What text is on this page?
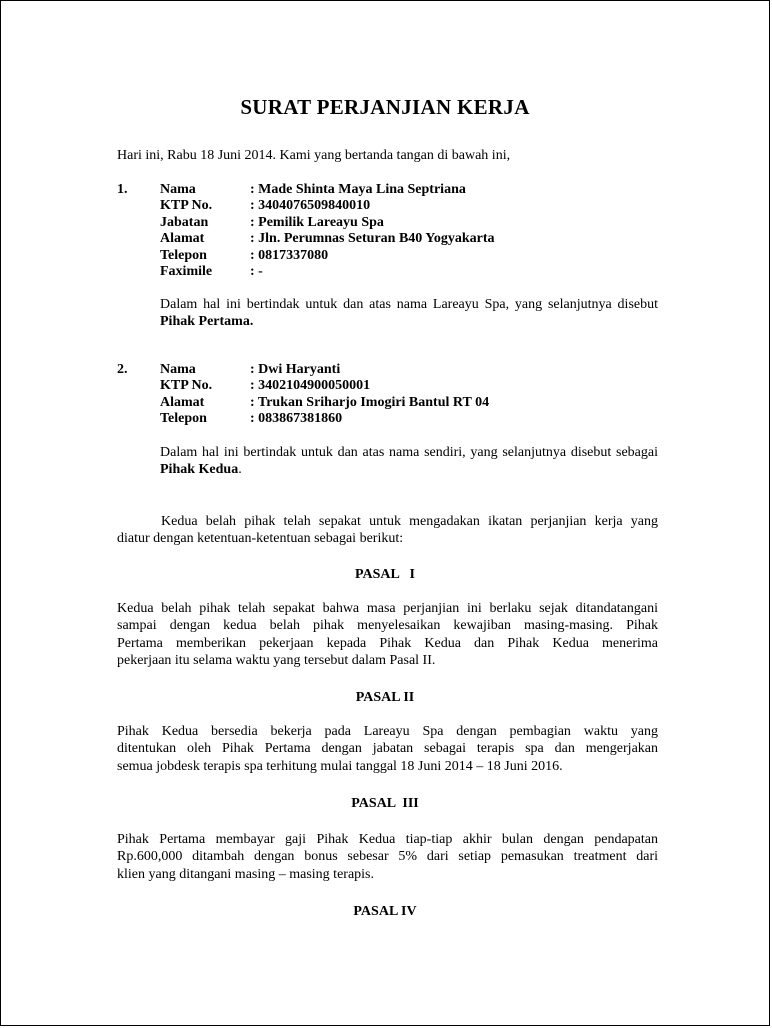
SURAT PERJANJIAN KERJA
Hari ini, Rabu 18 Juni 2014. Kami yang bertanda tangan di bawah ini,
1. Nama	: Made Shinta Maya Lina Septriana
KTP No.	: 3404076509840010
Jabatan	: Pemilik Lareayu Spa
Alamat	: Jln. Perumnas Seturan B40 Yogyakarta
Telepon	: 0817337080
Faximile	: -
Dalam hal ini bertindak untuk dan atas nama Lareayu Spa, yang selanjutnya disebut
Pihak Pertama.
2. Nama	: Dwi Haryanti
KTP No.	: 3402104900050001
Alamat	: Trukan Sriharjo Imogiri Bantul RT 04
Telepon	: 083867381860
Dalam hal ini bertindak untuk dan atas nama sendiri, yang selanjutnya disebut sebagai
Pihak Kedua.
Kedua belah pihak telah sepakat untuk mengadakan ikatan perjanjian kerja yang
diatur dengan ketentuan-ketentuan sebagai berikut:
PASAL   I
Kedua belah pihak telah sepakat bahwa masa perjanjian ini berlaku sejak ditandatangani
sampai dengan kedua belah pihak menyelesaikan kewajiban masing-masing. Pihak
Pertama memberikan pekerjaan kepada Pihak Kedua dan Pihak Kedua menerima
pekerjaan itu selama waktu yang tersebut dalam Pasal II.
PASAL II
Pihak Kedua bersedia bekerja pada Lareayu Spa dengan pembagian waktu yang
ditentukan oleh Pihak Pertama dengan jabatan sebagai terapis spa dan mengerjakan
semua jobdesk terapis spa terhitung mulai tanggal 18 Juni 2014 – 18 Juni 2016.
PASAL  III
Pihak Pertama membayar gaji Pihak Kedua tiap-tiap akhir bulan dengan pendapatan
Rp.600,000 ditambah dengan bonus sebesar 5% dari setiap pemasukan treatment dari
klien yang ditangani masing – masing terapis.
PASAL IV
